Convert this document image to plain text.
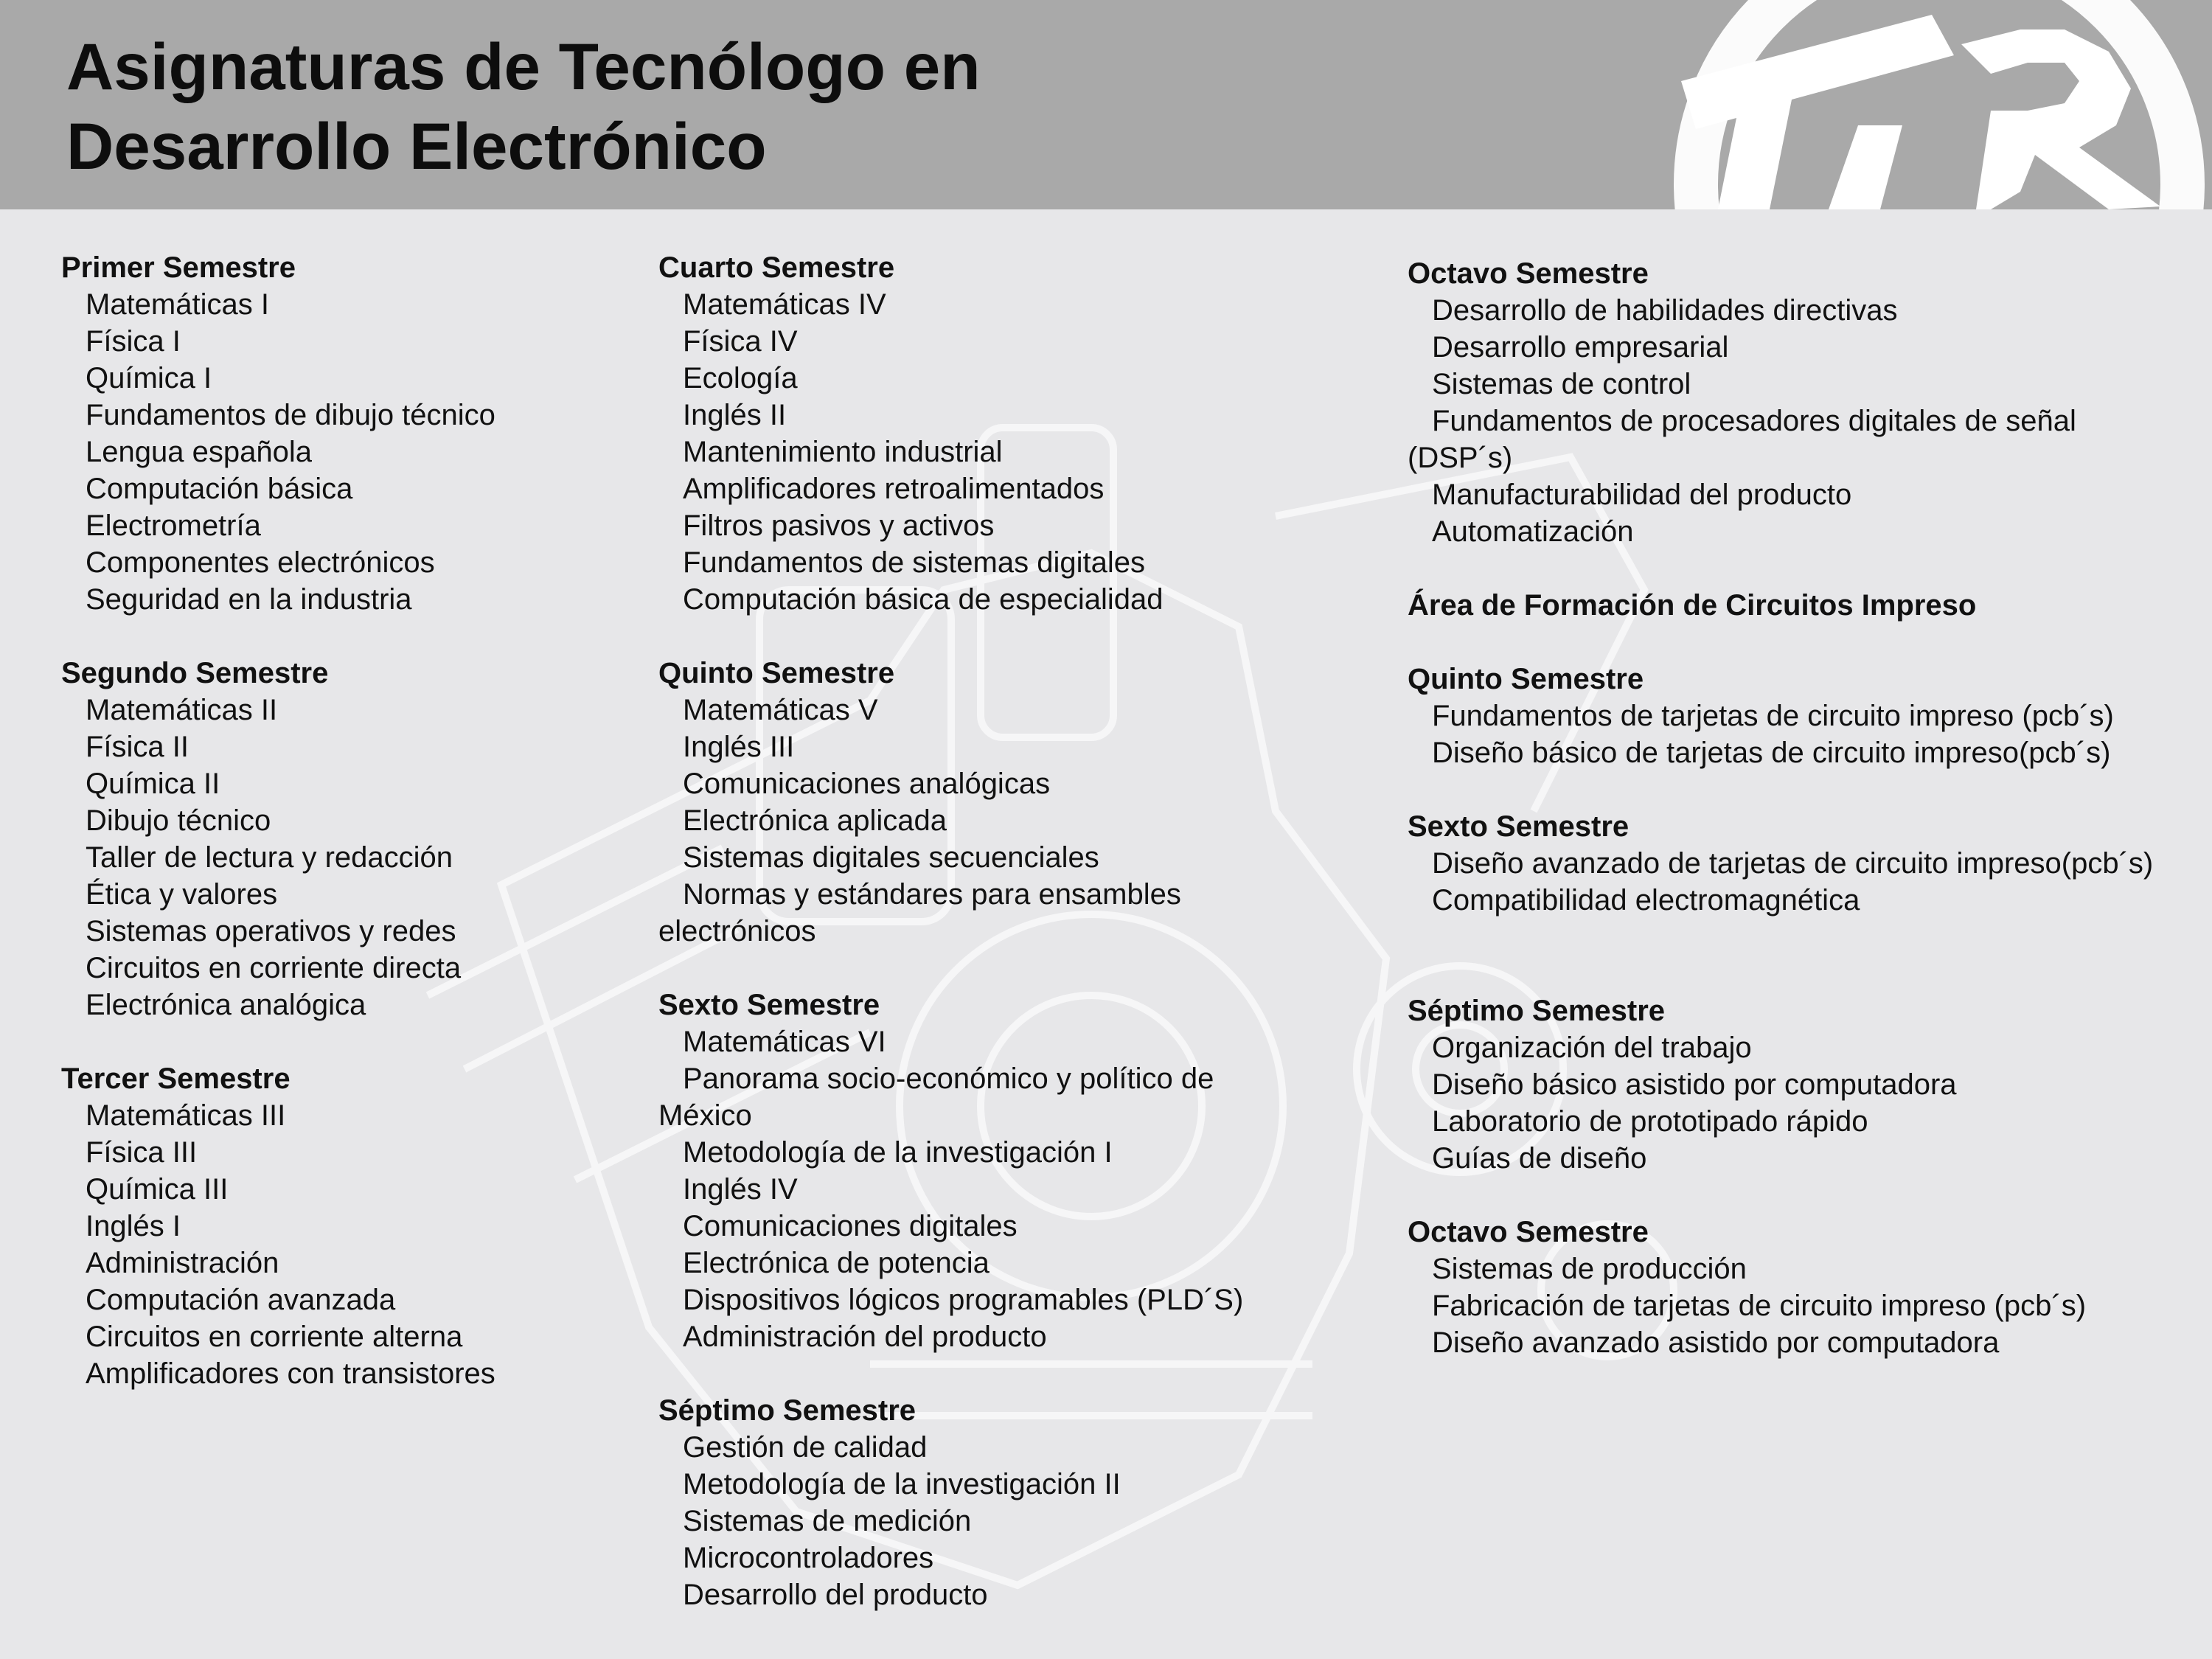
Asignaturas de Tecnólogo en
Desarrollo Electrónico
Primer Semestre
Matemáticas I
Física I
Química I
Fundamentos de dibujo técnico
Lengua española
Computación básica
Electrometría
Componentes electrónicos
Seguridad en la industria
Segundo Semestre
Matemáticas II
Física II
Química II
Dibujo técnico
Taller de lectura y redacción
Ética y valores
Sistemas operativos y redes
Circuitos en corriente directa
Electrónica analógica
Tercer Semestre
Matemáticas III
Física III
Química III
Inglés I
Administración
Computación avanzada
Circuitos en corriente alterna
Amplificadores con transistores
Cuarto Semestre
Matemáticas IV
Física IV
Ecología
Inglés II
Mantenimiento industrial
Amplificadores retroalimentados
Filtros pasivos y activos
Fundamentos de sistemas digitales
Computación básica de especialidad
Quinto Semestre
Matemáticas V
Inglés III
Comunicaciones analógicas
Electrónica aplicada
Sistemas digitales secuenciales
Normas y estándares para ensambles electrónicos
Sexto Semestre
Matemáticas VI
Panorama socio-económico y político de México
Metodología de la investigación I
Inglés IV
Comunicaciones digitales
Electrónica de potencia
Dispositivos lógicos programables (PLD´S)
Administración del producto
Séptimo Semestre
Gestión de calidad
Metodología de la investigación II
Sistemas de medición
Microcontroladores
Desarrollo del producto
Octavo Semestre
Desarrollo de habilidades directivas
Desarrollo empresarial
Sistemas de control
Fundamentos de procesadores digitales de señal (DSP´s)
Manufacturabilidad del producto
Automatización
Área de Formación de Circuitos Impreso
Quinto Semestre
Fundamentos de tarjetas de circuito impreso (pcb´s)
Diseño básico de tarjetas de circuito impreso(pcb´s)
Sexto Semestre
Diseño avanzado de tarjetas de circuito impreso(pcb´s)
Compatibilidad electromagnética
Séptimo Semestre
Organización del trabajo
Diseño básico asistido por computadora
Laboratorio de prototipado rápido
Guías de diseño
Octavo Semestre
Sistemas de producción
Fabricación de tarjetas de circuito impreso (pcb´s)
Diseño avanzado asistido por computadora
